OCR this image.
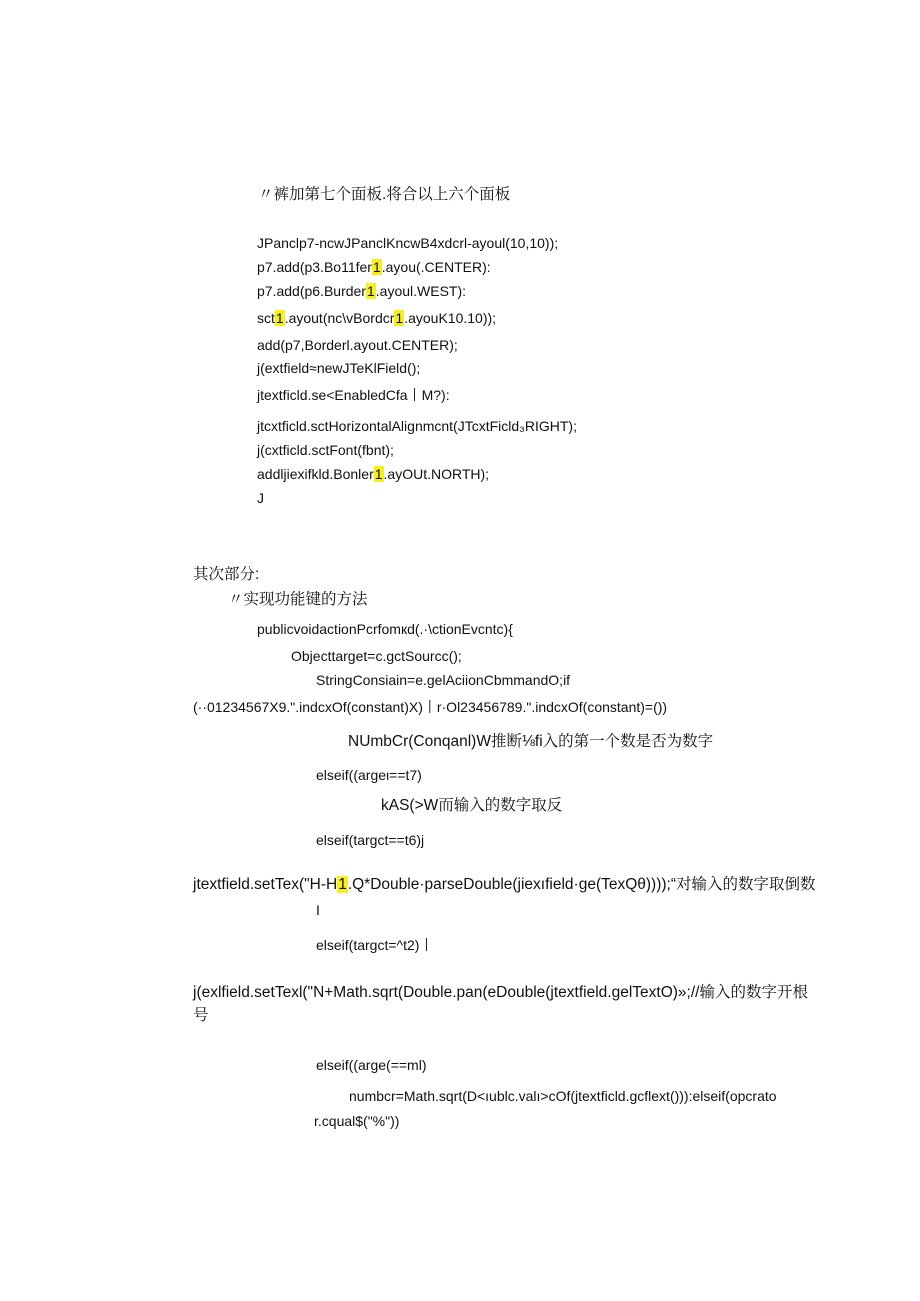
〃裤加第七个面板.将合以上六个面板
JPanclp7-ncwJPanclKncwB4xdcrl-ayoul(10,10));
p7.add(p3.Bo11fer1.ayou(.CENTER):
p7.add(p6.Burder1.ayoul.WEST):
sct1.ayout(nc\vBordcr1.ayouK10.10));
add(p7,Borderl.ayout.CENTER);
j(extfield≈newJTeKlField();
jtextficld.se<EnabledCfa丨M?):
jtcxtficld.sctHorizontalAlignmcnt(JTcxtFicld₃RIGHT);
j(cxtficld.sctFont(fbnt);
addljiexifkld.Bonler1.ayOUt.NORTH);
J
其次部分:
〃实现功能键的方法
publicvoidactionPcrfomкd(.·\ctionEvcntc){
Objecttarget=c.gctSourcc();
StringConsiain=e.gelAciionCbmmandO;if
(··01234567X9.".indcxOf(constant)X)丨r·Ol23456789.".indcxOf(constant)=())
NUmbCr(Conqanl)W推断⅛fi入的第一个数是否为数字
elseif((argeι==t7)
kAS(>W而输入的数字取反
elseif(targct==t6)j
jtextfield.setTex("H-H1.Q*Double·parseDouble(jiexıfield·ge(TexQθ))));“对输入的数字取倒数
I
elseif(targct=^t2)丨
j(exlfield.setTexl("N+Math.sqrt(Double.pan(eDouble(jtextfield.gelTextO)»;//输入的数字开根
号
elseif((arge(==ml)
numbcr=Math.sqrt(D<ıublc.valı>cOf(jtextficld.gcflext())):elseif(opcrato
r.cqual$("%"))
